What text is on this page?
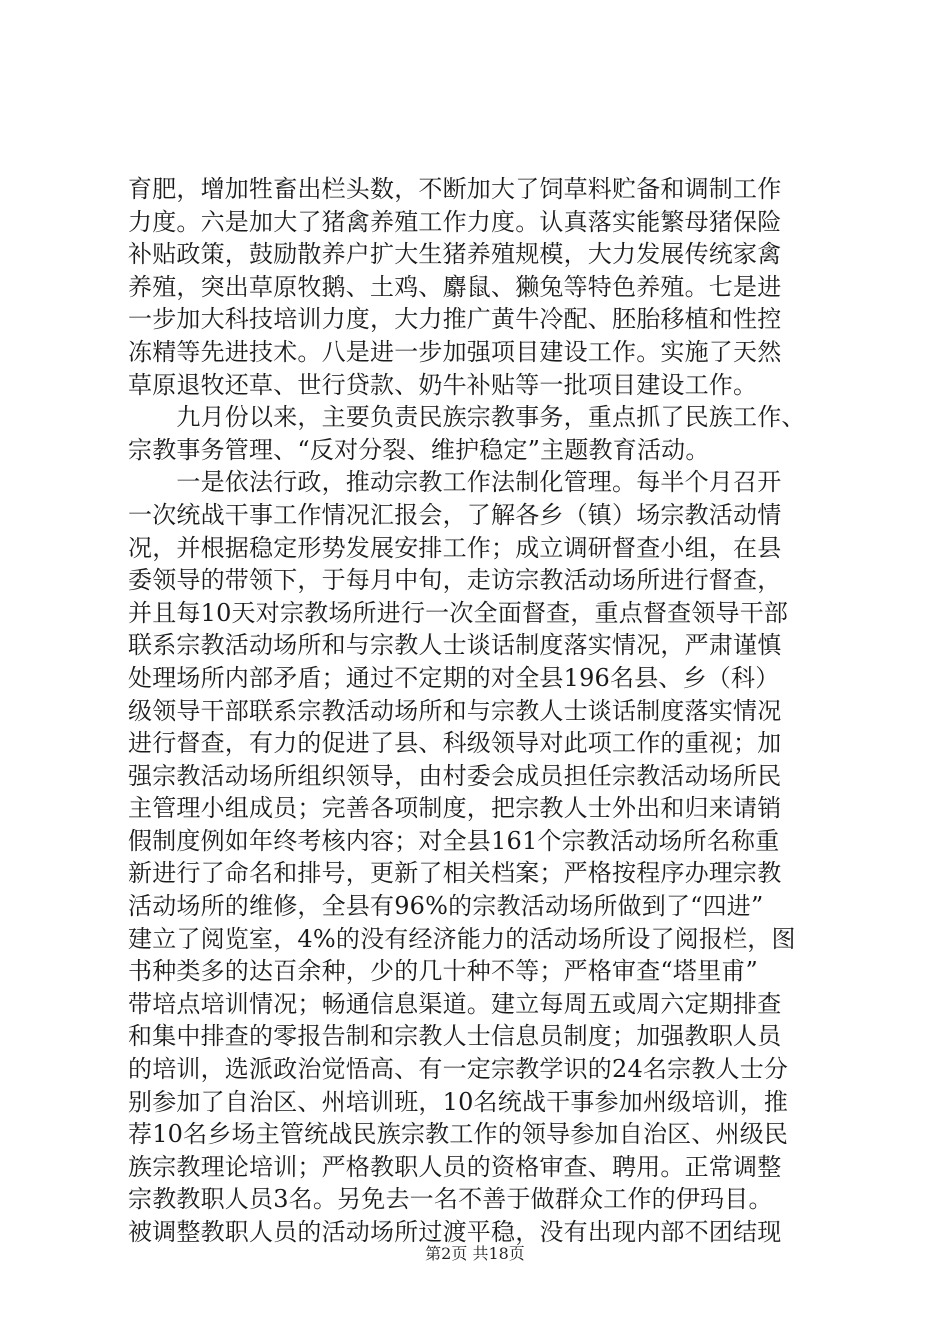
育肥，增加牲畜出栏头数，不断加大了饲草料贮备和调制工作
力度。六是加大了猪禽养殖工作力度。认真落实能繁母猪保险
补贴政策，鼓励散养户扩大生猪养殖规模，大力发展传统家禽
养殖，突出草原牧鹅、土鸡、麝鼠、獭兔等特色养殖。七是进
一步加大科技培训力度，大力推广黄牛冷配、胚胎移植和性控
冻精等先进技术。八是进一步加强项目建设工作。实施了天然
草原退牧还草、世行贷款、奶牛补贴等一批项目建设工作。
　　九月份以来，主要负责民族宗教事务，重点抓了民族工作、
宗教事务管理、“反对分裂、维护稳定”主题教育活动。
　　一是依法行政，推动宗教工作法制化管理。每半个月召开
一次统战干事工作情况汇报会，了解各乡（镇）场宗教活动情
况，并根据稳定形势发展安排工作；成立调研督查小组，在县
委领导的带领下，于每月中旬，走访宗教活动场所进行督查，
并且每10天对宗教场所进行一次全面督查，重点督查领导干部
联系宗教活动场所和与宗教人士谈话制度落实情况，严肃谨慎
处理场所内部矛盾；通过不定期的对全县196名县、乡（科）
级领导干部联系宗教活动场所和与宗教人士谈话制度落实情况
进行督查，有力的促进了县、科级领导对此项工作的重视；加
强宗教活动场所组织领导，由村委会成员担任宗教活动场所民
主管理小组成员；完善各项制度，把宗教人士外出和归来请销
假制度例如年终考核内容；对全县161个宗教活动场所名称重
新进行了命名和排号，更新了相关档案；严格按程序办理宗教
活动场所的维修，全县有96%的宗教活动场所做到了“四进”
建立了阅览室，4%的没有经济能力的活动场所设了阅报栏，图
书种类多的达百余种，少的几十种不等；严格审查“塔里甫”
带培点培训情况；畅通信息渠道。建立每周五或周六定期排查
和集中排查的零报告制和宗教人士信息员制度；加强教职人员
的培训，选派政治觉悟高、有一定宗教学识的24名宗教人士分
别参加了自治区、州培训班，10名统战干事参加州级培训，推
荐10名乡场主管统战民族宗教工作的领导参加自治区、州级民
族宗教理论培训；严格教职人员的资格审查、聘用。正常调整
宗教教职人员3名。另免去一名不善于做群众工作的伊玛目。
被调整教职人员的活动场所过渡平稳，没有出现内部不团结现
第2页 共18页
